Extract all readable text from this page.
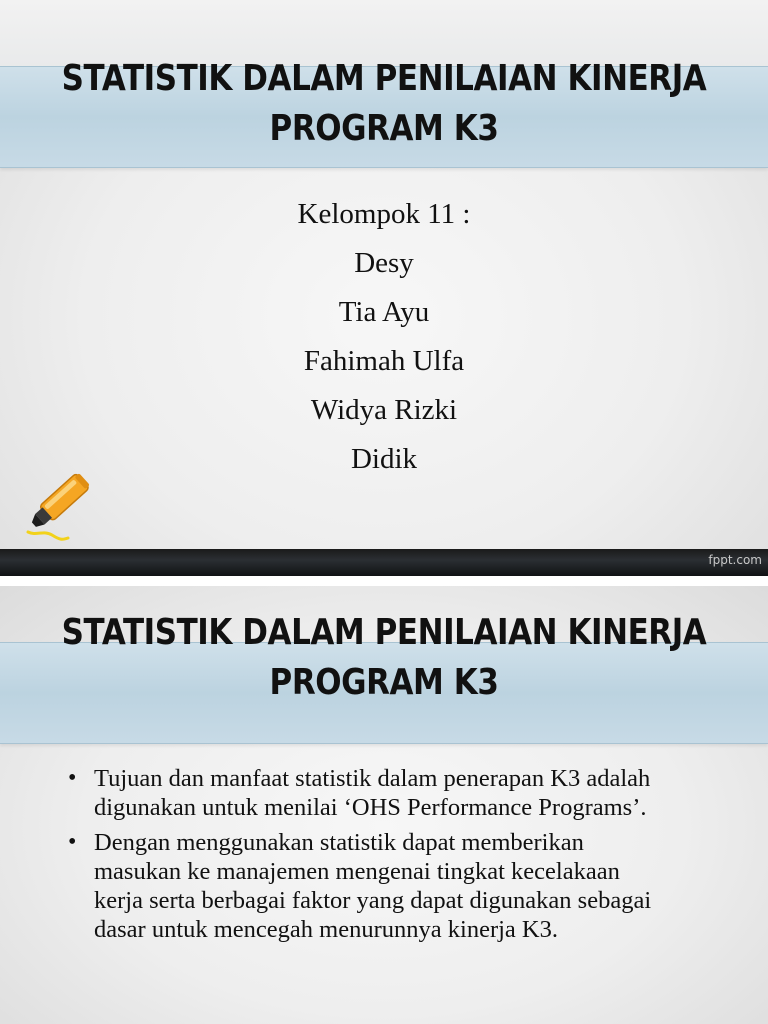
STATISTIK DALAM PENILAIAN KINERJA PROGRAM K3
Kelompok 11 :
Desy
Tia Ayu
Fahimah Ulfa
Widya Rizki
Didik
fppt.com
STATISTIK DALAM PENILAIAN KINERJA PROGRAM K3
• Tujuan dan manfaat statistik dalam penerapan K3 adalah digunakan untuk menilai ‘OHS Performance Programs’.
• Dengan menggunakan statistik dapat memberikan masukan ke manajemen mengenai tingkat kecelakaan kerja serta berbagai faktor yang dapat digunakan sebagai dasar untuk mencegah menurunnya kinerja K3.
